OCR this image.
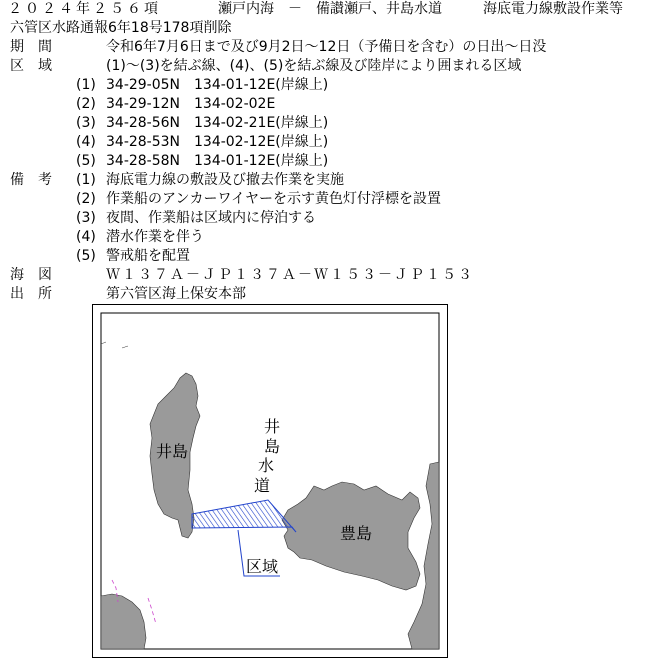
２０２４年２５６項	瀬戸内海　－　備讃瀬戸、井島水道	海底電力線敷設作業等
六管区水路通報6年18号178項削除
期　間	令和6年7月6日まで及び9月2日～12日（予備日を含む）の日出～日没
区　域	(1)～(3)を結ぶ線、(4)、(5)を結ぶ線及び陸岸により囲まれる区域
(1) 34-29-05N 134-01-12E(岸線上)
(2) 34-29-12N 134-02-02E
(3) 34-28-56N 134-02-21E(岸線上)
(4) 34-28-53N 134-02-12E(岸線上)
(5) 34-28-58N 134-01-12E(岸線上)
備　考 (1) 海底電力線の敷設及び撤去作業を実施
(2) 作業船のアンカーワイヤーを示す黄色灯付浮標を設置
(3) 夜間、作業船は区域内に停泊する
(4) 潜水作業を伴う
(5) 警戒船を配置
海　図	Ｗ１３７Ａ－ＪＰ１３７Ａ－Ｗ１５３－ＪＰ１５３
出　所	第六管区海上保安本部
井島
豊島
井
島
水
道
区域
